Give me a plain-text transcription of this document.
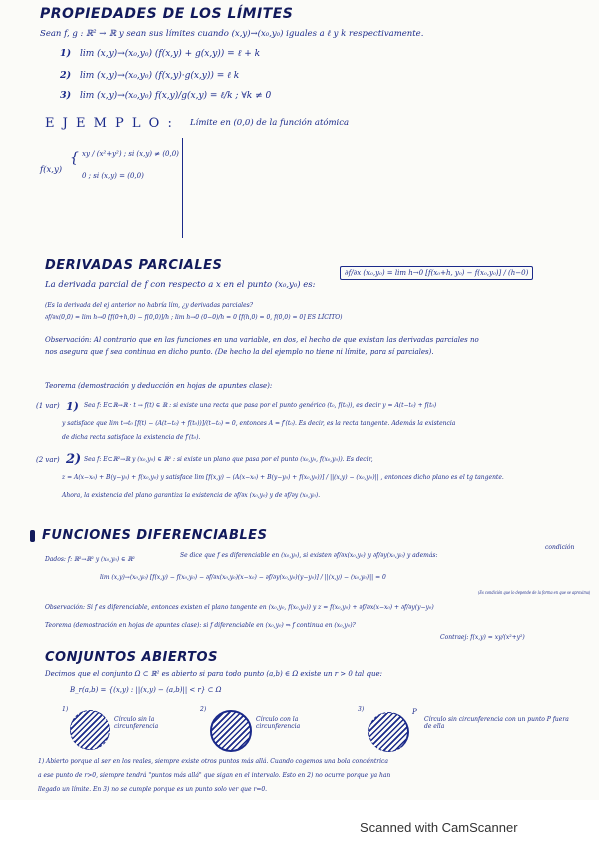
PROPIEDADES DE LOS LÍMITES
Sean f, g : ℝ² → ℝ y sean sus límites cuando (x,y)→(x₀,y₀) iguales a ℓ y k respectivamente.
1) lim (x,y)→(x₀,y₀) (f(x,y) + g(x,y)) = ℓ + k
2) lim (x,y)→(x₀,y₀) (f(x,y)·g(x,y)) = ℓ k
3) lim (x,y)→(x₀,y₀) f(x,y)/g(x,y) = ℓ/k ; ∀k ≠ 0
E J E M P L O : Límite en (0,0) de la función atómica
f(x,y)
{ xy / (x²+y²) ; si (x,y) ≠ (0,0)
0 ; si (x,y) = (0,0)
DERIVADAS PARCIALES
La derivada parcial de f con respecto a x en el punto (x₀,y₀) es:
∂f/∂x (x₀,y₀) = lim h→0 [f(x₀+h, y₀) − f(x₀,y₀)] / (h−0)
(Es la derivada del ej anterior no habría lím, ¿y derivadas parciales?
∂f/∂x(0,0) = lim h→0 [f(0+h,0) − f(0,0)]/h ; lim h→0 (0−0)/h = 0 [f(h,0) = 0, f(0,0) = 0] ES LÍCITO)
Observación: Al contrario que en las funciones en una variable, en dos, el hecho de que existan las derivadas parciales no
nos asegura que f sea continua en dicho punto. (De hecho la del ejemplo no tiene ni límite, para sí parciales).
Teorema (demostración y deducción en hojas de apuntes clase):
(1 var) 1) Sea f: E⊂ℝ→ℝ · t → f(t) ∈ ℝ : si existe una recta que pasa por el punto genérico (t₀, f(t₀)), es decir y = A(t−t₀) + f(t₀)
y satisface que lim t→t₀ [f(t) − (A(t−t₀) + f(t₀))]/(t−t₀) = 0, entonces A = f′(t₀). Es decir, es la recta tangente. Además la existencia
de dicha recta satisface la existencia de f′(t₀).
(2 var) 2) Sea f: E⊂ℝ²→ℝ y (x₀,y₀) ∈ ℝ² : si existe un plano que pasa por el punto (x₀,y₀, f(x₀,y₀)). Es decir,
z = A(x−x₀) + B(y−y₀) + f(x₀,y₀) y satisface lim [f(x,y) − (A(x−x₀) + B(y−y₀) + f(x₀,y₀))] / ||(x,y) − (x₀,y₀)|| , entonces dicho plano es el tg tangente.
Ahora, la existencia del plano garantiza la existencia de ∂f/∂x (x₀,y₀) y de ∂f/∂y (x₀,y₀).
FUNCIONES DIFERENCIABLES
Dados: f: ℝ²→ℝ² y (x₀,y₀) ∈ ℝ²
Se dice que f es diferenciable en (x₀,y₀), si existen ∂f/∂x(x₀,y₀) y ∂f/∂y(x₀,y₀) y además:
condición
lim (x,y)→(x₀,y₀) [f(x,y) − f(x₀,y₀) − ∂f/∂x(x₀,y₀)(x−x₀) − ∂f/∂y(x₀,y₀)(y−y₀)] / ||(x,y) − (x₀,y₀)|| = 0
(Es condición que lo depende de la forma en que se aproxima)
Observación: Si f es diferenciable, entonces existen el plano tangente en (x₀,y₀, f(x₀,y₀)) y z = f(x₀,y₀) + ∂f/∂x(x−x₀) + ∂f/∂y(y−y₀)
Teorema (demostración en hojas de apuntes clase): si f diferenciable en (x₀,y₀) ⇒ f continua en (x₀,y₀)?
Contraej: f(x,y) = xy/(x²+y²)
CONJUNTOS ABIERTOS
Decimos que el conjunto Ω ⊂ ℝ² es abierto si para todo punto (a,b) ∈ Ω existe un r > 0 tal que:
B_r(a,b) = {(x,y) : ||(x,y) − (a,b)|| < r} ⊂ Ω
1)
Círculo sin la circunferencia
2)
Círculo con la circunferencia
3)	P
Círculo sin circunferencia con un punto P fuera de ella
1) Abierto porque al ser en los reales, siempre existe otros puntos más allá. Cuando cogemos una bola concéntrica
a ese punto de r>0, siempre tendrá "puntos más allá" que sigan en el intervalo. Esto en 2) no ocurre porque ya han
llegado un límite. En 3) no se cumple porque es un punto solo ver que r=0.
Scanned with CamScanner
